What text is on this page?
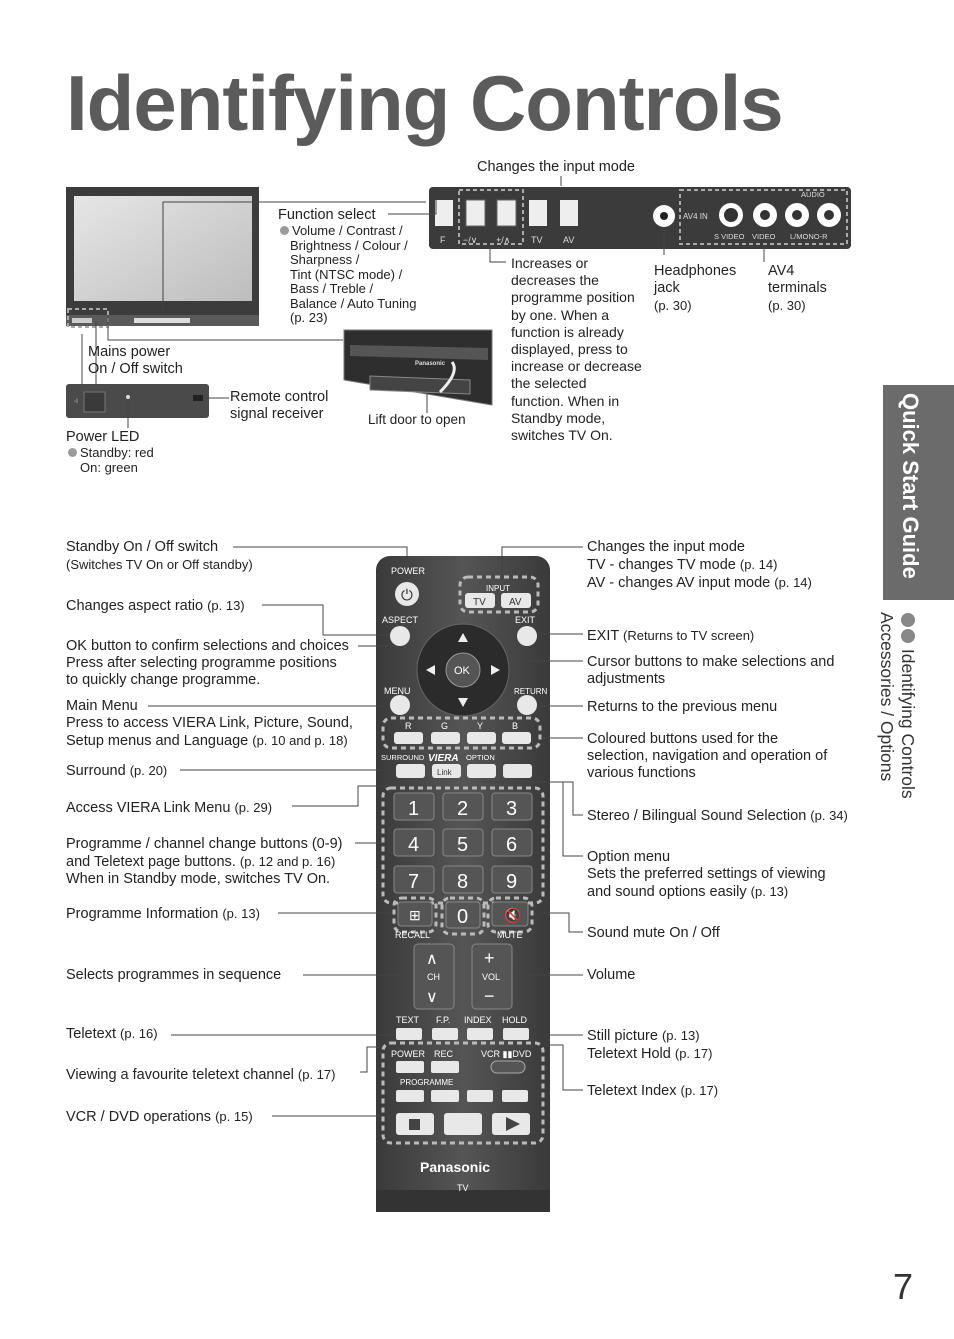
Identifying Controls
Quick Start Guide
Identifying Controls
Accessories / Options
◦I
Panasonic
⏻
POWER
INPUT
TV AV
ASPECT	EXIT
OK
MENU	RETURN
R	G	Y	B
SURROUND VIERA OPTION
Link
1 2 3
4 5 6
7 8 9
0
⊞	🔇
RECALL	MUTE
∧
CH
∨
+
VOL
−
TEXT F.P. INDEX HOLD
POWER REC	VCR ▮▮DVD
PROGRAMME
Panasonic
TV
F −/∨ +/∧ TV AV
AV4 IN
S VIDEO VIDEO L/MONO-R
AUDIO
Changes the input mode
Function select
Volume / Contrast /
Brightness / Colour /
Sharpness /
Tint (NTSC mode) /
Bass / Treble /
Balance / Auto Tuning
(p. 23)
Increases or
decreases the
programme position
by one. When a
function is already
displayed, press to
increase or decrease
the selected
function. When in
Standby mode,
switches TV On.
Headphones
jack
(p. 30)
AV4
terminals
(p. 30)
Mains power
On / Off switch
Remote control
signal receiver	Lift door to open
Power LED
Standby: red
On: green
Standby On / Off switch
(Switches TV On or Off standby)
Changes aspect ratio (p. 13)
OK button to confirm selections and choices
Press after selecting programme positions
to quickly change programme.
Main Menu
Press to access VIERA Link, Picture, Sound,
Setup menus and Language (p. 10 and p. 18)
Surround (p. 20)
Access VIERA Link Menu (p. 29)
Programme / channel change buttons (0-9)
and Teletext page buttons. (p. 12 and p. 16)
When in Standby mode, switches TV On.
Programme Information (p. 13)
Selects programmes in sequence
Teletext (p. 16)
Viewing a favourite teletext channel (p. 17)
VCR / DVD operations (p. 15)
Changes the input mode
TV - changes TV mode (p. 14)
AV - changes AV input mode (p. 14)
EXIT (Returns to TV screen)
Cursor buttons to make selections and
adjustments
Returns to the previous menu
Coloured buttons used for the
selection, navigation and operation of
various functions
Stereo / Bilingual Sound Selection (p. 34)
Option menu
Sets the preferred settings of viewing
and sound options easily (p. 13)
Sound mute On / Off
Volume
Still picture (p. 13)
Teletext Hold (p. 17)
Teletext Index (p. 17)
7
